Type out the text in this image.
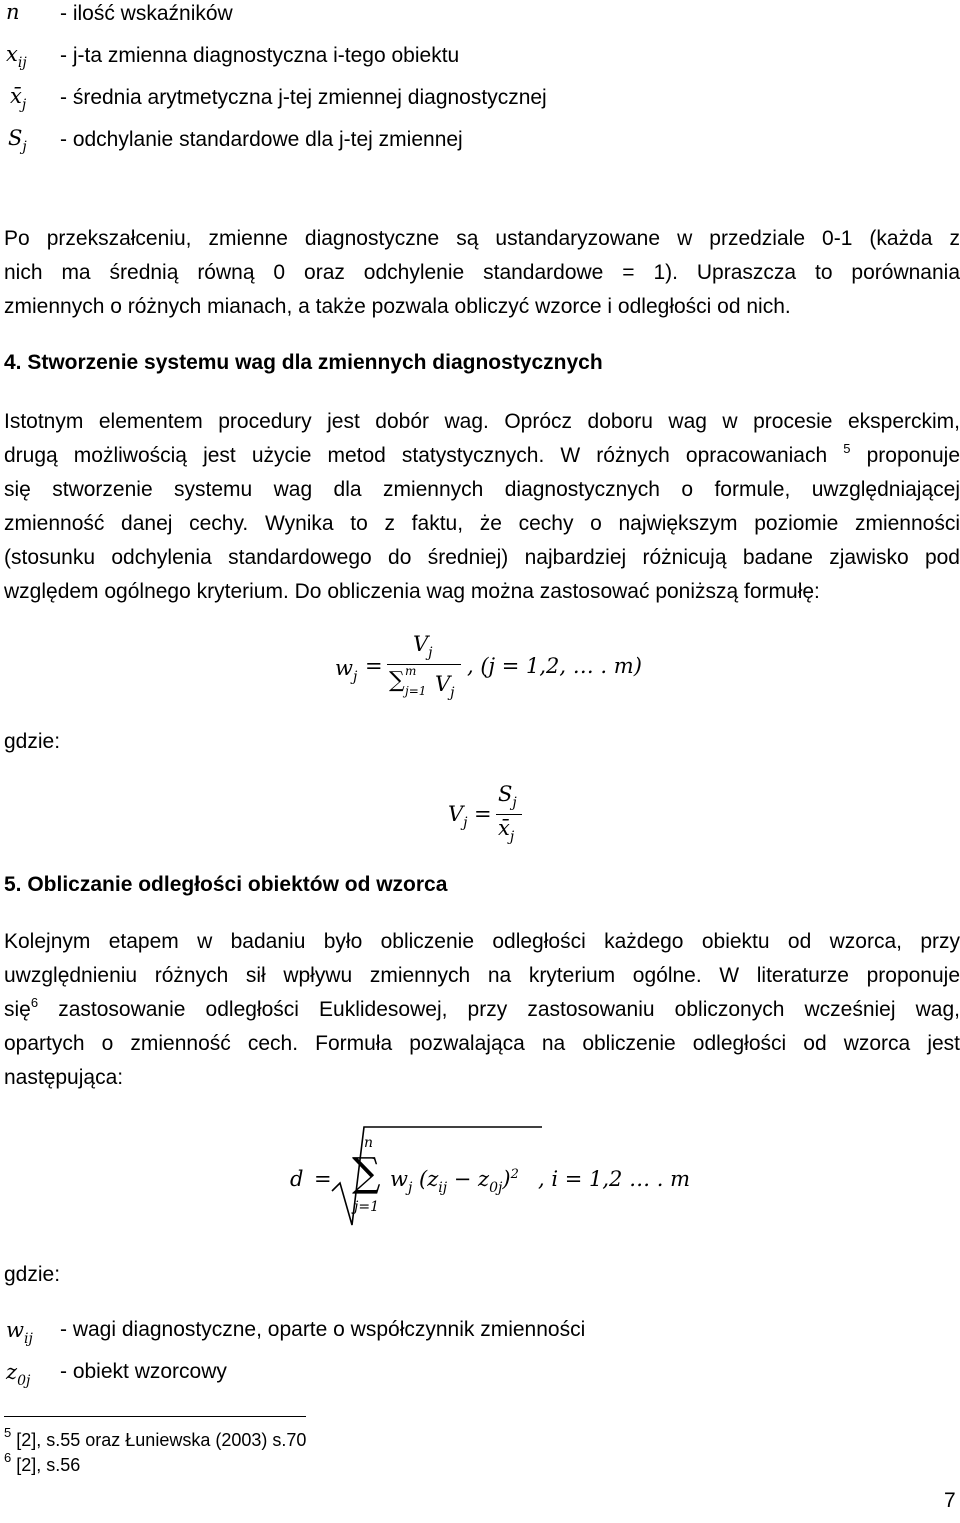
n - ilość wskaźników
xij - j-ta zmienna diagnostyczna i-tego obiektu
x̄j - średnia arytmetyczna j-tej zmiennej diagnostycznej
Sj - odchylanie standardowe dla j-tej zmiennej
Po przekszałceniu, zmienne diagnostyczne są ustandaryzowane w przedziale 0-1 (każda z
nich ma średnią równą 0 oraz odchylenie standardowe = 1). Upraszcza to porównania
zmiennych o różnych mianach, a także pozwala obliczyć wzorce i odległości od nich.
4. Stworzenie systemu wag dla zmiennych diagnostycznych
Istotnym elementem procedury jest dobór wag. Oprócz doboru wag w procesie eksperckim,
drugą możliwością jest użycie metod statystycznych. W różnych opracowaniach $^5$ proponuje
się stworzenie systemu wag dla zmiennych diagnostycznych o formule, uwzględniającej
zmienność danej cechy. Wynika to z faktu, że cechy o największym poziomie zmienności
(stosunku odchylenia standardowego do średniej) najbardziej różnicują badane zjawisko pod
względem ogólnego kryterium. Do obliczenia wag można zastosować poniższą formułę:
$w_j$ =
$V_j$
∑ m
j=1 $V_j$
, (j = 1,2, … . m)
gdzie:
$V_j$ =
$S_j$
$x̄_j$
5. Obliczanie odległości obiektów od wzorca
Kolejnym etapem w badaniu było obliczenie odległości każdego obiektu od wzorca, przy
uwzględnieniu różnych sił wpływu zmiennych na kryterium ogólne. W literaturze proponuje
się$^6$ zastosowanie odległości Euklidesowej, przy zastosowaniu obliczonych wcześniej wag,
opartych o zmienność cech. Formuła pozwalająca na obliczenie odległości od wzorca jest
następująca:
d =
n
∑
j=1
$w_j$ $(z_{ij} - z_{0j})^2$ , i = 1,2 … . m
gdzie:
wij - wagi diagnostyczne, oparte o współczynnik zmienności
z0j - obiekt wzorcowy
$^5$ [2], s.55 oraz Łuniewska (2003) s.70
$^6$ [2], s.56
7
